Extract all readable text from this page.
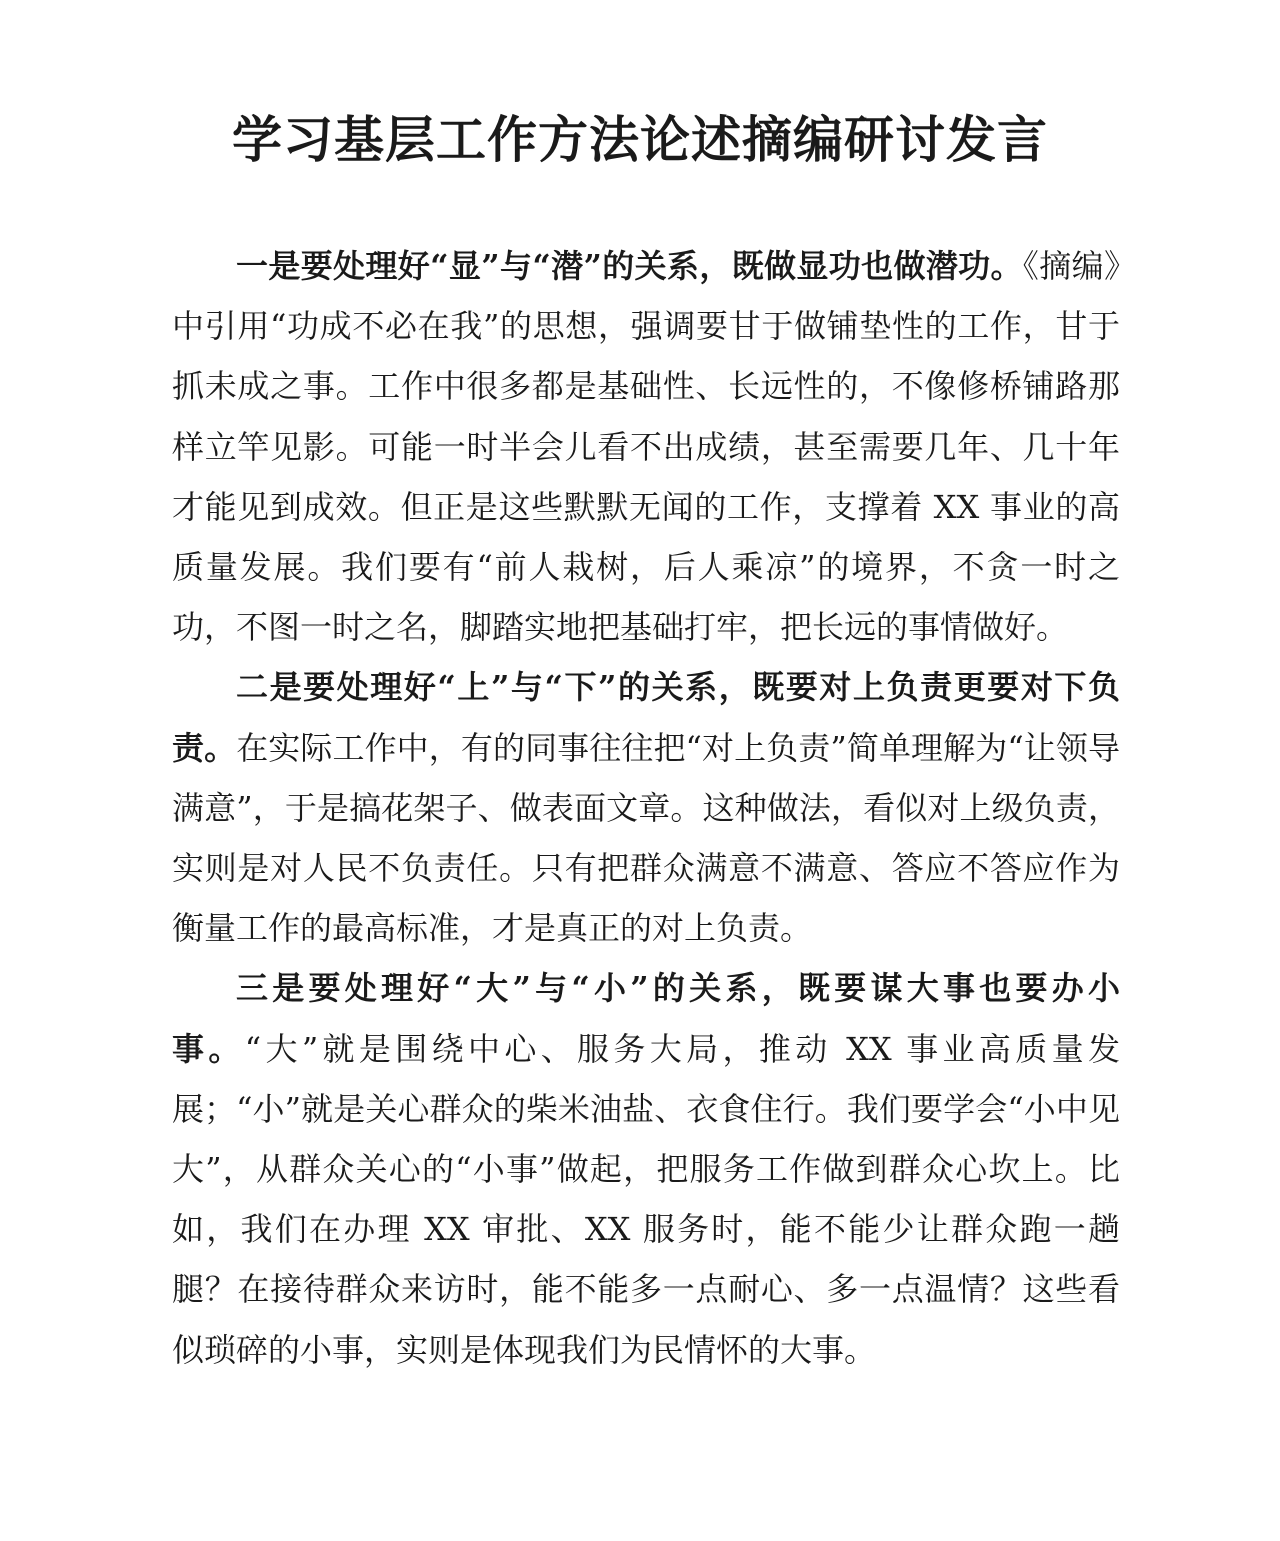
学习基层工作方法论述摘编研讨发言

一是要处理好“显”与“潜”的关系，既做显功也做潜功。《摘编》中引用“功成不必在我”的思想，强调要甘于做铺垫性的工作，甘于抓未成之事。工作中很多都是基础性、长远性的，不像修桥铺路那样立竿见影。可能一时半会儿看不出成绩，甚至需要几年、几十年才能见到成效。但正是这些默默无闻的工作，支撑着 XX 事业的高质量发展。我们要有“前人栽树，后人乘凉”的境界，不贪一时之功，不图一时之名，脚踏实地把基础打牢，把长远的事情做好。

二是要处理好“上”与“下”的关系，既要对上负责更要对下负责。在实际工作中，有的同事往往把“对上负责”简单理解为“让领导满意”，于是搞花架子、做表面文章。这种做法，看似对上级负责，实则是对人民不负责任。只有把群众满意不满意、答应不答应作为衡量工作的最高标准，才是真正的对上负责。

三是要处理好“大”与“小”的关系，既要谋大事也要办小事。“大”就是围绕中心、服务大局，推动 XX 事业高质量发展；“小”就是关心群众的柴米油盐、衣食住行。我们要学会“小中见大”，从群众关心的“小事”做起，把服务工作做到群众心坎上。比如，我们在办理 XX 审批、XX 服务时，能不能少让群众跑一趟腿？在接待群众来访时，能不能多一点耐心、多一点温情？这些看似琐碎的小事，实则是体现我们为民情怀的大事。
